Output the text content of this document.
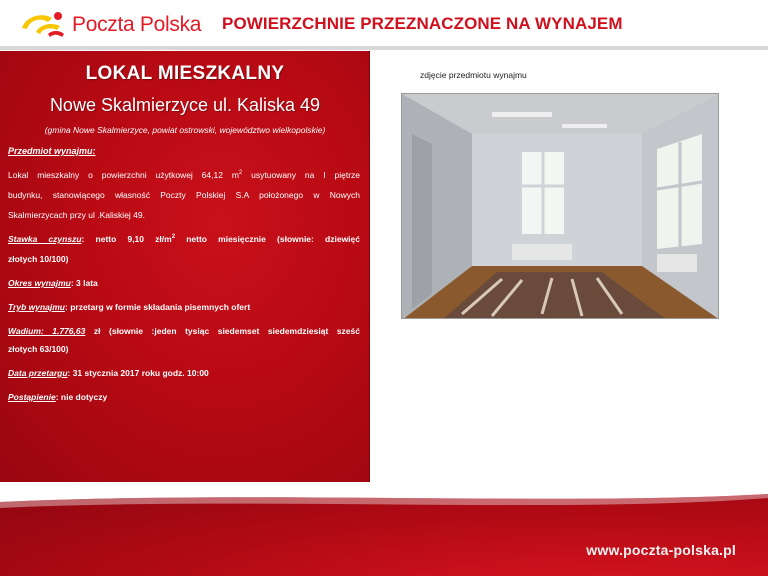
Poczta Polska POWIERZCHNIE PRZEZNACZONE NA WYNAJEM
LOKAL MIESZKALNY
Nowe Skalmierzyce ul. Kaliska 49
(gmina Nowe Skalmierzyce, powiat ostrowski, województwo wielkopolskie)
Przedmiot wynajmu:
Lokal mieszkalny o powierzchni użytkowej 64,12 $m^2$ usytuowany na I piętrze
budynku, stanowiącego własność Poczty Polskiej S.A położonego w Nowych
Skalmierzycach przy ul .Kaliskiej 49.
Stawka czynszu: netto 9,10 $zł/m^2$ netto miesięcznie (słownie: dziewięć
złotych 10/100)
Okres wynajmu: 3 lata
Tryb wynajmu: przetarg w formie składania pisemnych ofert
Wadium: 1.776,63 zł (słownie :jeden tysiąc siedemset siedemdziesiąt sześć
złotych 63/100)
Data przetargu: 31 stycznia 2017 roku godz. 10:00
Postąpienie: nie dotyczy
zdjęcie przedmiotu wynajmu
www.poczta-polska.pl
